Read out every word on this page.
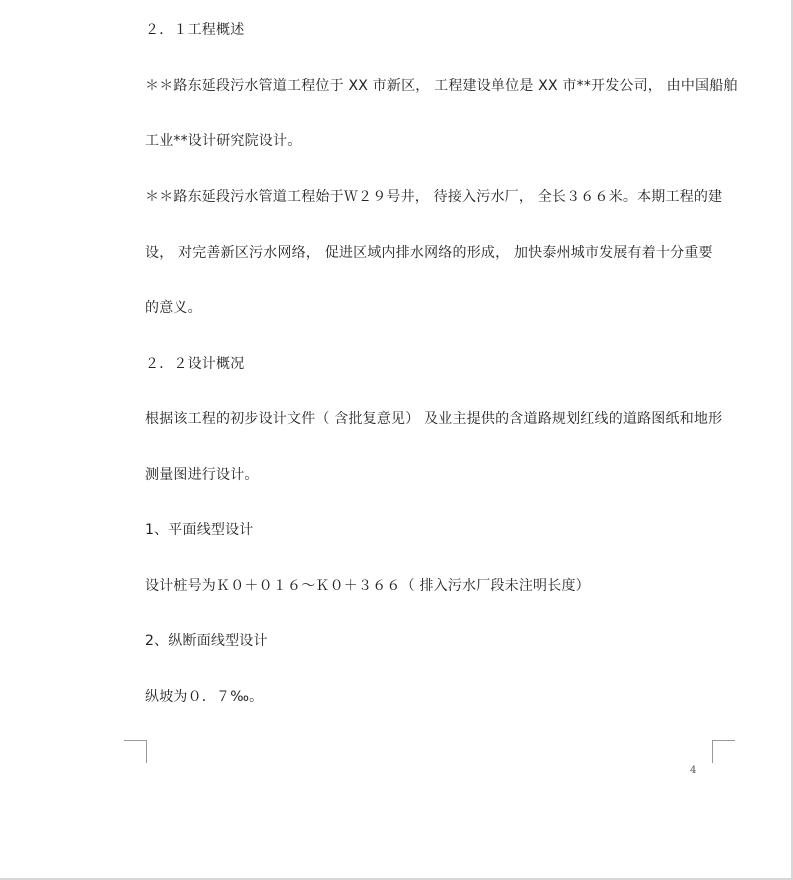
２．１工程概述
＊＊路东延段污水管道工程位于 XX 市新区， 工程建设单位是 XX 市**开发公司， 由中国船舶
工业**设计研究院设计。
＊＊路东延段污水管道工程始于Ｗ２９号井， 待接入污水厂， 全长３６６米。本期工程的建
设， 对完善新区污水网络， 促进区域内排水网络的形成， 加快泰州城市发展有着十分重要
的意义。
２．２设计概况
根据该工程的初步设计文件（ 含批复意见） 及业主提供的含道路规划红线的道路图纸和地形
测量图进行设计。
1、平面线型设计
设计桩号为Ｋ０＋０１６～Ｋ０＋３６６（ 排入污水厂段未注明长度）
2、纵断面线型设计
纵坡为０．７‰。
4
